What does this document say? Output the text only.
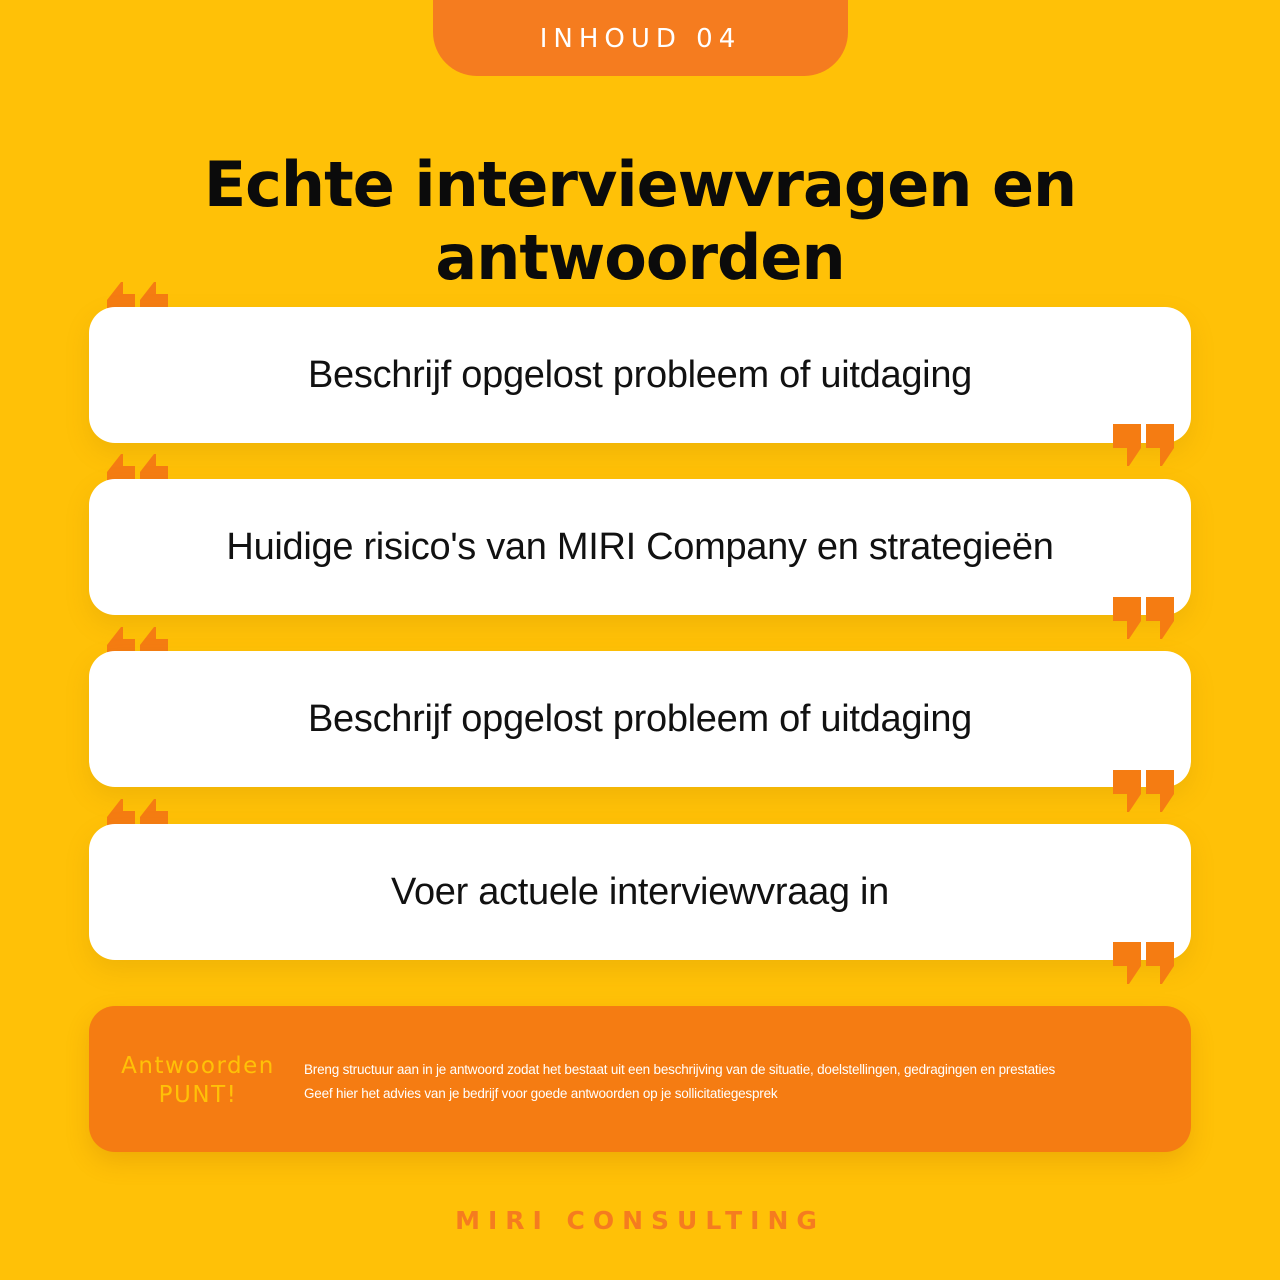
INHOUD 04
Echte interviewvragen en antwoorden
Beschrijf opgelost probleem of uitdaging
Huidige risico's van MIRI Company en strategieën
Beschrijf opgelost probleem of uitdaging
Voer actuele interviewvraag in
Antwoorden
PUNT!
Breng structuur aan in je antwoord zodat het bestaat uit een beschrijving van de situatie, doelstellingen, gedragingen en prestaties
Geef hier het advies van je bedrijf voor goede antwoorden op je sollicitatiegesprek
MIRI CONSULTING
